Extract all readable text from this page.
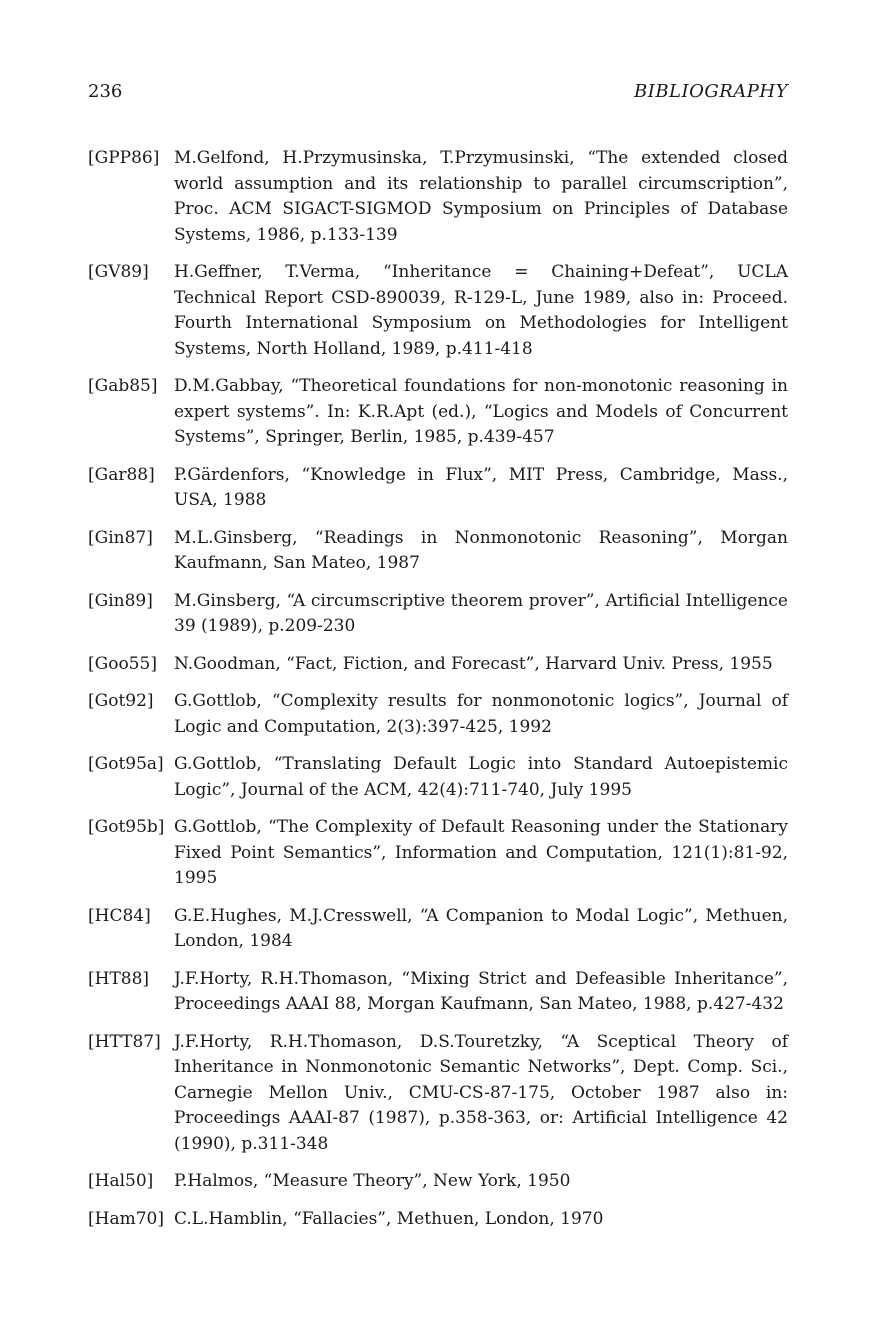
236	BIBLIOGRAPHY
[GPP86] M.Gelfond, H.Przymusinska, T.Przymusinski, “The extended closed world assumption and its relationship to parallel circumscription”, Proc. ACM SIGACT-SIGMOD Symposium on Principles of Database Systems, 1986, p.133-139
[GV89]	H.Geffner, T.Verma, “Inheritance = Chaining+Defeat”, UCLA Technical Report CSD-890039, R-129-L, June 1989, also in: Proceed. Fourth International Symposium on Methodologies for Intelligent Systems, North Holland, 1989, p.411-418
[Gab85] D.M.Gabbay, “Theoretical foundations for non-monotonic reasoning in expert systems”. In: K.R.Apt (ed.), “Logics and Models of Concurrent Systems”, Springer, Berlin, 1985, p.439-457
[Gar88]	P.Gärdenfors, “Knowledge in Flux”, MIT Press, Cambridge, Mass., USA, 1988
[Gin87]	M.L.Ginsberg, “Readings in Nonmonotonic Reasoning”, Morgan Kaufmann, San Mateo, 1987
[Gin89]	M.Ginsberg, “A circumscriptive theorem prover”, Artificial Intelligence 39 (1989), p.209-230
[Goo55]	N.Goodman, “Fact, Fiction, and Forecast”, Harvard Univ. Press, 1955
[Got92]	G.Gottlob, “Complexity results for nonmonotonic logics”, Journal of Logic and Computation, 2(3):397-425, 1992
[Got95a] G.Gottlob, “Translating Default Logic into Standard Autoepistemic Logic”, Journal of the ACM, 42(4):711-740, July 1995
[Got95b] G.Gottlob, “The Complexity of Default Reasoning under the Stationary Fixed Point Semantics”, Information and Computation, 121(1):81-92, 1995
[HC84]	G.E.Hughes, M.J.Cresswell, “A Companion to Modal Logic”, Methuen, London, 1984
[HT88]	J.F.Horty, R.H.Thomason, “Mixing Strict and Defeasible Inheritance”, Proceedings AAAI 88, Morgan Kaufmann, San Mateo, 1988, p.427-432
[HTT87] J.F.Horty, R.H.Thomason, D.S.Touretzky, “A Sceptical Theory of Inheritance in Nonmonotonic Semantic Networks”, Dept. Comp. Sci., Carnegie Mellon Univ., CMU-CS-87-175, October 1987 also in: Proceedings AAAI-87 (1987), p.358-363, or: Artificial Intelligence 42 (1990), p.311-348
[Hal50]	P.Halmos, “Measure Theory”, New York, 1950
[Ham70] C.L.Hamblin, “Fallacies”, Methuen, London, 1970
